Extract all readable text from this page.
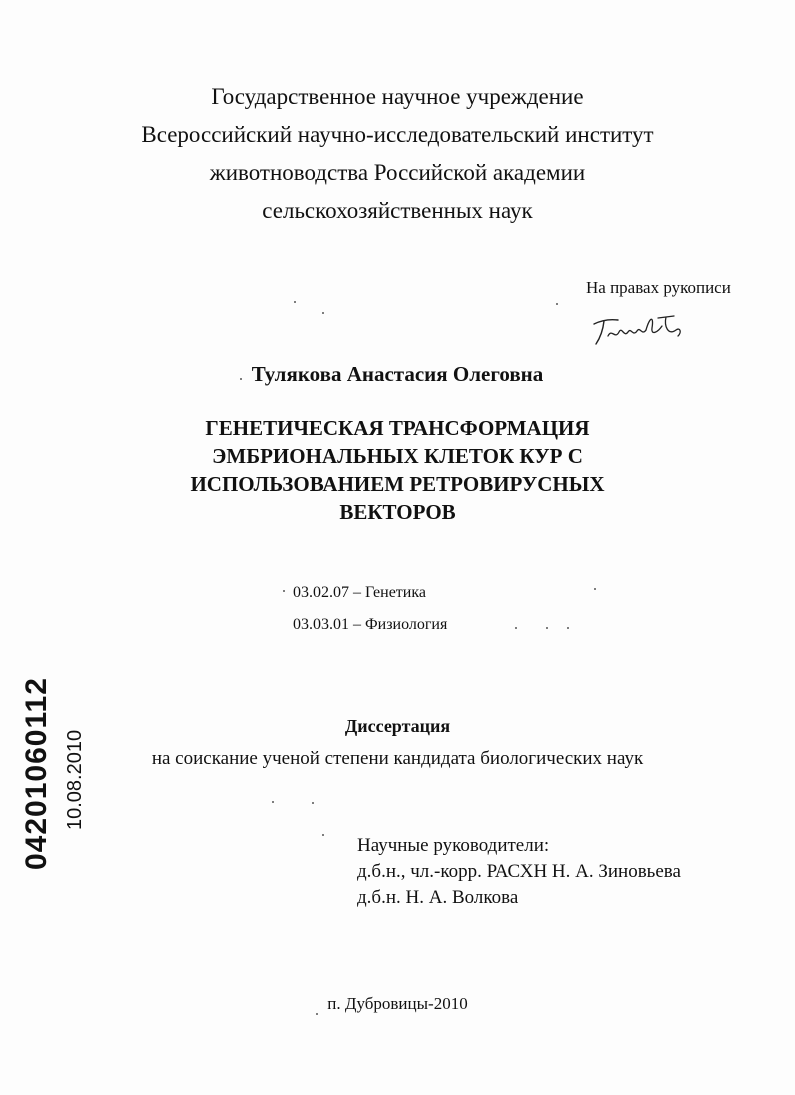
Государственное научное учреждение
Всероссийский научно-исследовательский институт
животноводства Российской академии
сельскохозяйственных наук
На правах рукописи
Тулякова Анастасия Олеговна
ГЕНЕТИЧЕСКАЯ ТРАНСФОРМАЦИЯ
ЭМБРИОНАЛЬНЫХ КЛЕТОК КУР С
ИСПОЛЬЗОВАНИЕМ РЕТРОВИРУСНЫХ
ВЕКТОРОВ
03.02.07 – Генетика
03.03.01 – Физиология
Диссертация
на соискание ученой степени кандидата биологических наук
Научные руководители:
д.б.н., чл.-корр. РАСХН Н. А. Зиновьева
д.б.н. Н. А. Волкова
п. Дубровицы-2010
04201060112 10.08.2010
